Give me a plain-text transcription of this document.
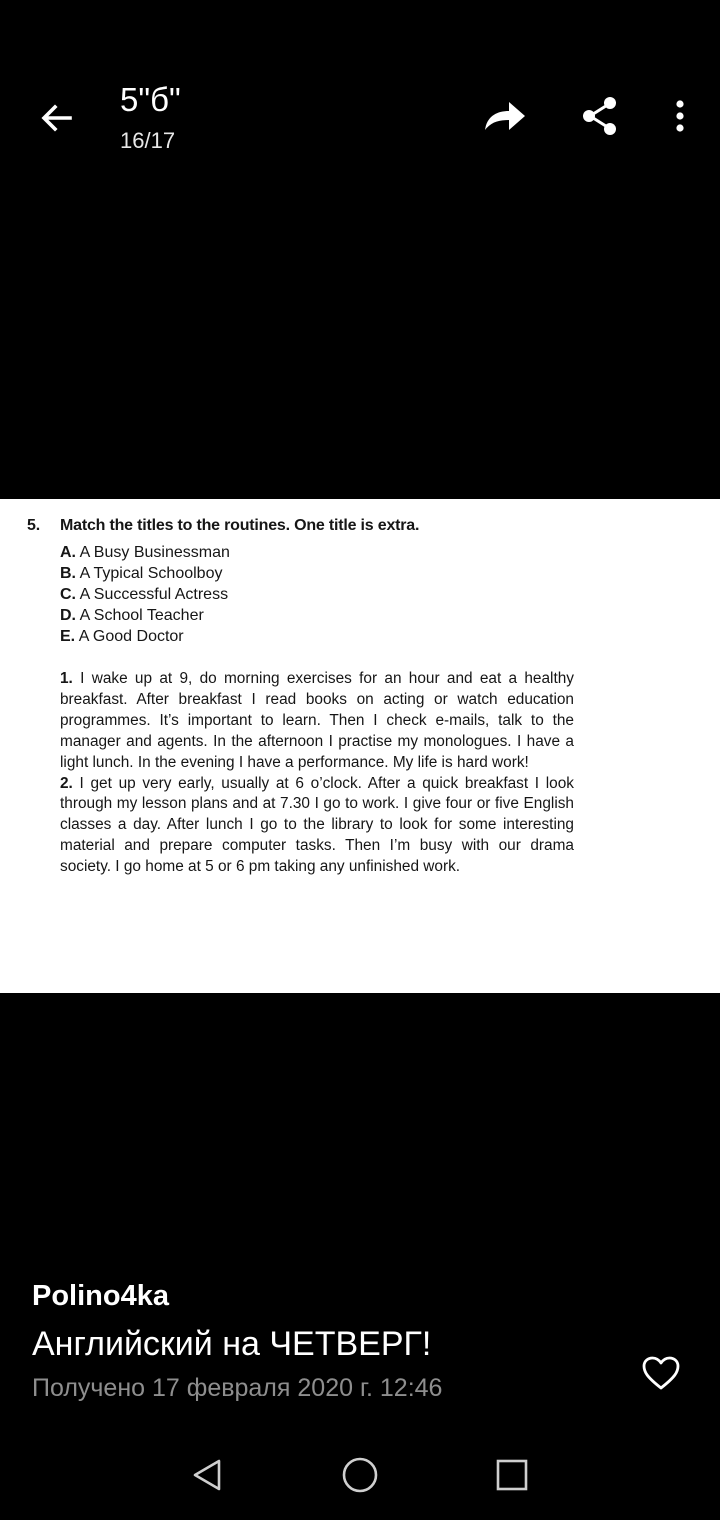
5"б"
16/17
5. Match the titles to the routines. One title is extra.
A. A Busy Businessman
B. A Typical Schoolboy
C. A Successful Actress
D. A School Teacher
E. A Good Doctor

1. I wake up at 9, do morning exercises for an hour and eat a healthy breakfast. After breakfast I read books on acting or watch education programmes. It’s important to learn. Then I check e-mails, talk to the manager and agents. In the afternoon I practise my monologues. I have a light lunch. In the evening I have a performance. My life is hard work!

2. I get up very early, usually at 6 o’clock. After a quick breakfast I look through my lesson plans and at 7.30 I go to work. I give four or five English classes a day. After lunch I go to the library to look for some interesting material and prepare computer tasks. Then I’m busy with our drama society. I go home at 5 or 6 pm taking any unfinished work.

Polino4ka
Английский на ЧЕТВЕРГ!
Получено 17 февраля 2020 г. 12:46
